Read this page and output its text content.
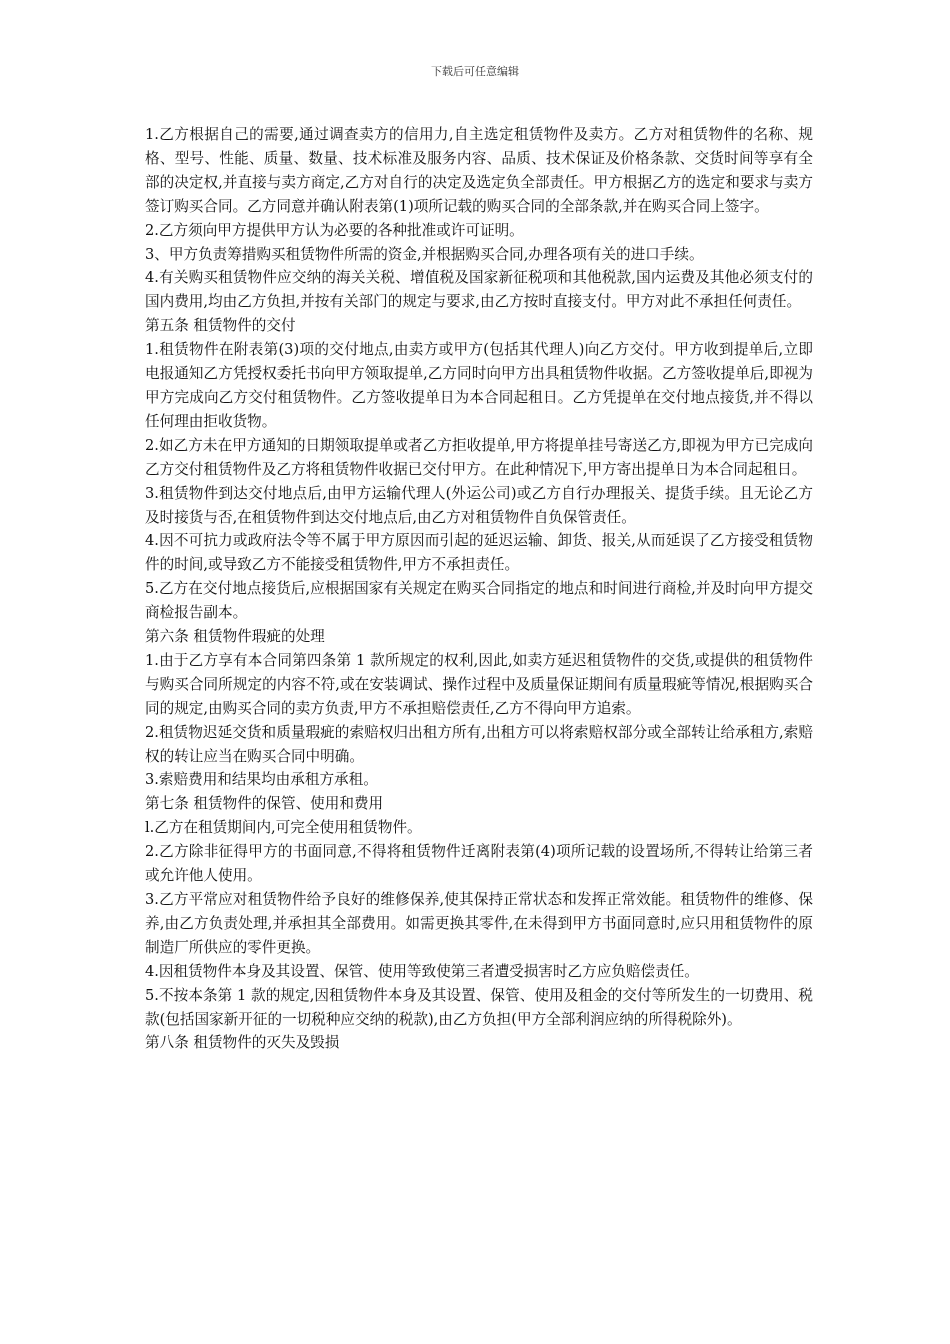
下载后可任意编辑

1.乙方根据自己的需要,通过调查卖方的信用力,自主选定租赁物件及卖方。乙方对租赁物件的名称、规格、型号、性能、质量、数量、技术标准及服务内容、品质、技术保证及价格条款、交货时间等享有全部的决定权,并直接与卖方商定,乙方对自行的决定及选定负全部责任。甲方根据乙方的选定和要求与卖方签订购买合同。乙方同意并确认附表第(1)项所记载的购买合同的全部条款,并在购买合同上签字。

2.乙方须向甲方提供甲方认为必要的各种批准或许可证明。

3、甲方负责筹措购买租赁物件所需的资金,并根据购买合同,办理各项有关的进口手续。

4.有关购买租赁物件应交纳的海关关税、增值税及国家新征税项和其他税款,国内运费及其他必须支付的国内费用,均由乙方负担,并按有关部门的规定与要求,由乙方按时直接支付。甲方对此不承担任何责任。

第五条 租赁物件的交付

1.租赁物件在附表第(3)项的交付地点,由卖方或甲方(包括其代理人)向乙方交付。甲方收到提单后,立即电报通知乙方凭授权委托书向甲方领取提单,乙方同时向甲方出具租赁物件收据。乙方签收提单后,即视为甲方完成向乙方交付租赁物件。乙方签收提单日为本合同起租日。乙方凭提单在交付地点接货,并不得以任何理由拒收货物。

2.如乙方未在甲方通知的日期领取提单或者乙方拒收提单,甲方将提单挂号寄送乙方,即视为甲方已完成向乙方交付租赁物件及乙方将租赁物件收据已交付甲方。在此种情况下,甲方寄出提单日为本合同起租日。

3.租赁物件到达交付地点后,由甲方运输代理人(外运公司)或乙方自行办理报关、提货手续。且无论乙方及时接货与否,在租赁物件到达交付地点后,由乙方对租赁物件自负保管责任。

4.因不可抗力或政府法令等不属于甲方原因而引起的延迟运输、卸货、报关,从而延误了乙方接受租赁物件的时间,或导致乙方不能接受租赁物件,甲方不承担责任。

5.乙方在交付地点接货后,应根据国家有关规定在购买合同指定的地点和时间进行商检,并及时向甲方提交商检报告副本。

第六条 租赁物件瑕疵的处理

1.由于乙方享有本合同第四条第 1 款所规定的权利,因此,如卖方延迟租赁物件的交货,或提供的租赁物件与购买合同所规定的内容不符,或在安装调试、操作过程中及质量保证期间有质量瑕疵等情况,根据购买合同的规定,由购买合同的卖方负责,甲方不承担赔偿责任,乙方不得向甲方追索。

2.租赁物迟延交货和质量瑕疵的索赔权归出租方所有,出租方可以将索赔权部分或全部转让给承租方,索赔权的转让应当在购买合同中明确。

3.索赔费用和结果均由承租方承租。

第七条 租赁物件的保管、使用和费用

l.乙方在租赁期间内,可完全使用租赁物件。

2.乙方除非征得甲方的书面同意,不得将租赁物件迁离附表第(4)项所记载的设置场所,不得转让给第三者或允许他人使用。

3.乙方平常应对租赁物件给予良好的维修保养,使其保持正常状态和发挥正常效能。租赁物件的维修、保养,由乙方负责处理,并承担其全部费用。如需更换其零件,在未得到甲方书面同意时,应只用租赁物件的原制造厂所供应的零件更换。

4.因租赁物件本身及其设置、保管、使用等致使第三者遭受损害时乙方应负赔偿责任。

5.不按本条第 1 款的规定,因租赁物件本身及其设置、保管、使用及租金的交付等所发生的一切费用、税款(包括国家新开征的一切税种应交纳的税款),由乙方负担(甲方全部利润应纳的所得税除外)。

第八条 租赁物件的灭失及毁损
